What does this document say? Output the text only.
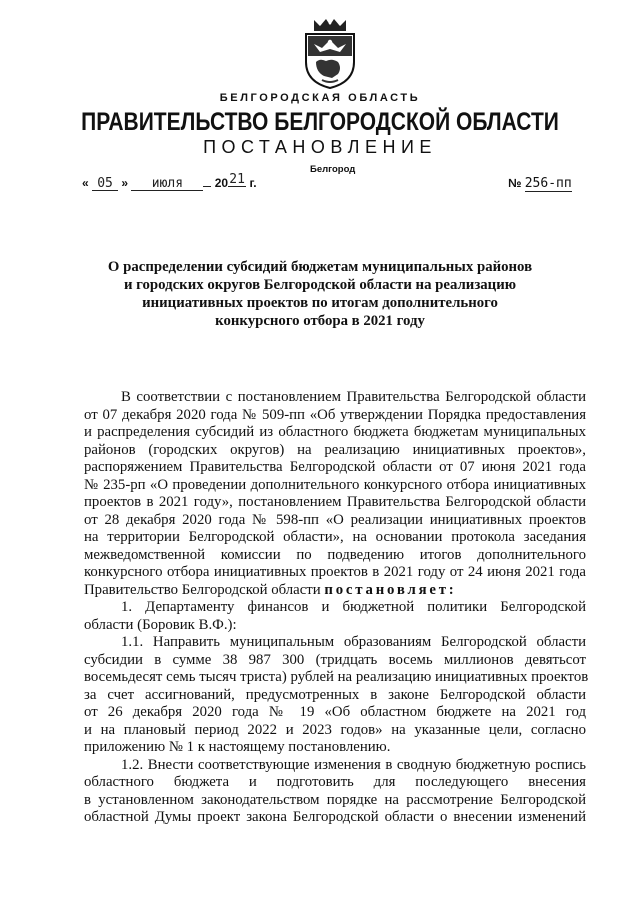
БЕЛГОРОДСКАЯ ОБЛАСТЬ
ПРАВИТЕЛЬСТВО БЕЛГОРОДСКОЙ ОБЛАСТИ
ПОСТАНОВЛЕНИЕ
Белгород
« 05 » июля	2021 г.	№ 256-пп
О распределении субсидий бюджетам муниципальных районов
и городских округов Белгородской области на реализацию
инициативных проектов по итогам дополнительного
конкурсного отбора в 2021 году
В соответствии с постановлением Правительства Белгородской области
от 07 декабря 2020 года № 509-пп «Об утверждении Порядка предоставления
и распределения субсидий из областного бюджета бюджетам муниципальных
районов (городских округов) на реализацию инициативных проектов»,
распоряжением Правительства Белгородской области от 07 июня 2021 года
№ 235-рп «О проведении дополнительного конкурсного отбора инициативных
проектов в 2021 году», постановлением Правительства Белгородской области
от 28 декабря 2020 года № 598-пп «О реализации инициативных проектов
на территории Белгородской области», на основании протокола заседания
межведомственной комиссии по подведению итогов дополнительного
конкурсного отбора инициативных проектов в 2021 году от 24 июня 2021 года
Правительство Белгородской области постановляет:
1. Департаменту финансов и бюджетной политики Белгородской
области (Боровик В.Ф.):
1.1. Направить муниципальным образованиям Белгородской области
субсидии в сумме 38 987 300 (тридцать восемь миллионов девятьсот
восемьдесят семь тысяч триста) рублей на реализацию инициативных проектов
за счет ассигнований, предусмотренных в законе Белгородской области
от 26 декабря 2020 года № 19 «Об областном бюджете на 2021 год
и на плановый период 2022 и 2023 годов» на указанные цели, согласно
приложению № 1 к настоящему постановлению.
1.2. Внести соответствующие изменения в сводную бюджетную роспись
областного бюджета и подготовить для последующего внесения
в установленном законодательством порядке на рассмотрение Белгородской
областной Думы проект закона Белгородской области о внесении изменений
